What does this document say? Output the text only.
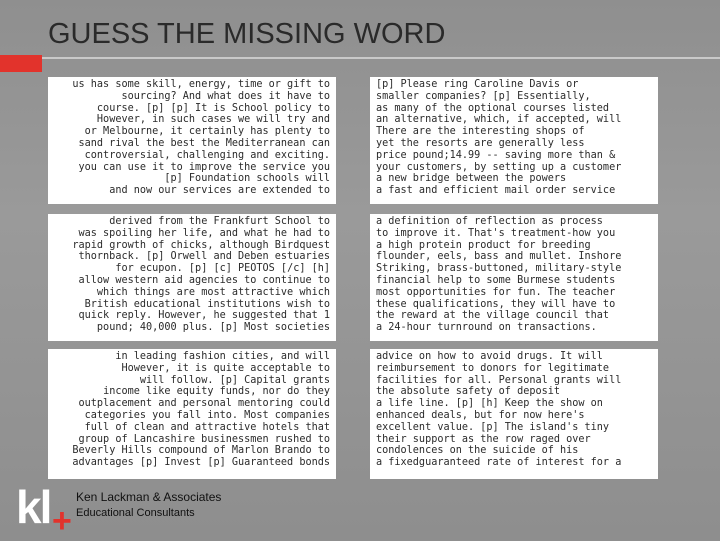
GUESS THE MISSING WORD
us has some skill, energy, time or gift to
sourcing? And what does it have to
course. [p] [p] It is School policy to
However, in such cases we will try and
or Melbourne, it certainly has plenty to
sand rival the best the Mediterranean can
controversial, challenging and exciting.
you can use it to improve the service you
[p] Foundation schools will
and now our services are extended to
[p] Please ring Caroline Davis or
smaller companies? [p] Essentially,
as many of the optional courses listed
an alternative, which, if accepted, will
There are the interesting shops of
yet the resorts are generally less
price pound;14.99 -- saving more than &
your customers, by setting up a customer
a new bridge between the powers
a fast and efficient mail order service
derived from the Frankfurt School to
was spoiling her life, and what he had to
rapid growth of chicks, although Birdquest
thornback. [p] Orwell and Deben estuaries
for ecupon. [p] [c] PEOTOS [/c] [h]
allow western aid agencies to continue to
which things are most attractive which
British educational institutions wish to
quick reply. However, he suggested that 1
pound; 40,000 plus. [p] Most societies
a definition of reflection as process
to improve it. That's treatment-how you
a high protein product for breeding
flounder, eels, bass and mullet. Inshore
Striking, brass-buttoned, military-style
financial help to some Burmese students
most opportunities for fun. The teacher
these qualifications, they will have to
the reward at the village council that
a 24-hour turnround on transactions.
in leading fashion cities, and will
However, it is quite acceptable to
will follow. [p] Capital grants
income like equity funds, nor do they
outplacement and personal mentoring could
categories you fall into. Most companies
full of clean and attractive hotels that
group of Lancashire businessmen rushed to
Beverly Hills compound of Marlon Brando to
advantages [p] Invest [p] Guaranteed bonds
advice on how to avoid drugs. It will
reimbursement to donors for legitimate
facilities for all. Personal grants will
the absolute safety of deposit
a life line. [p] [h] Keep the show on
enhanced deals, but for now here's
excellent value. [p] The island's tiny
their support as the row raged over
condolences on the suicide of his
a fixedguaranteed rate of interest for a
kl +
Ken Lackman & Associates
Educational Consultants
